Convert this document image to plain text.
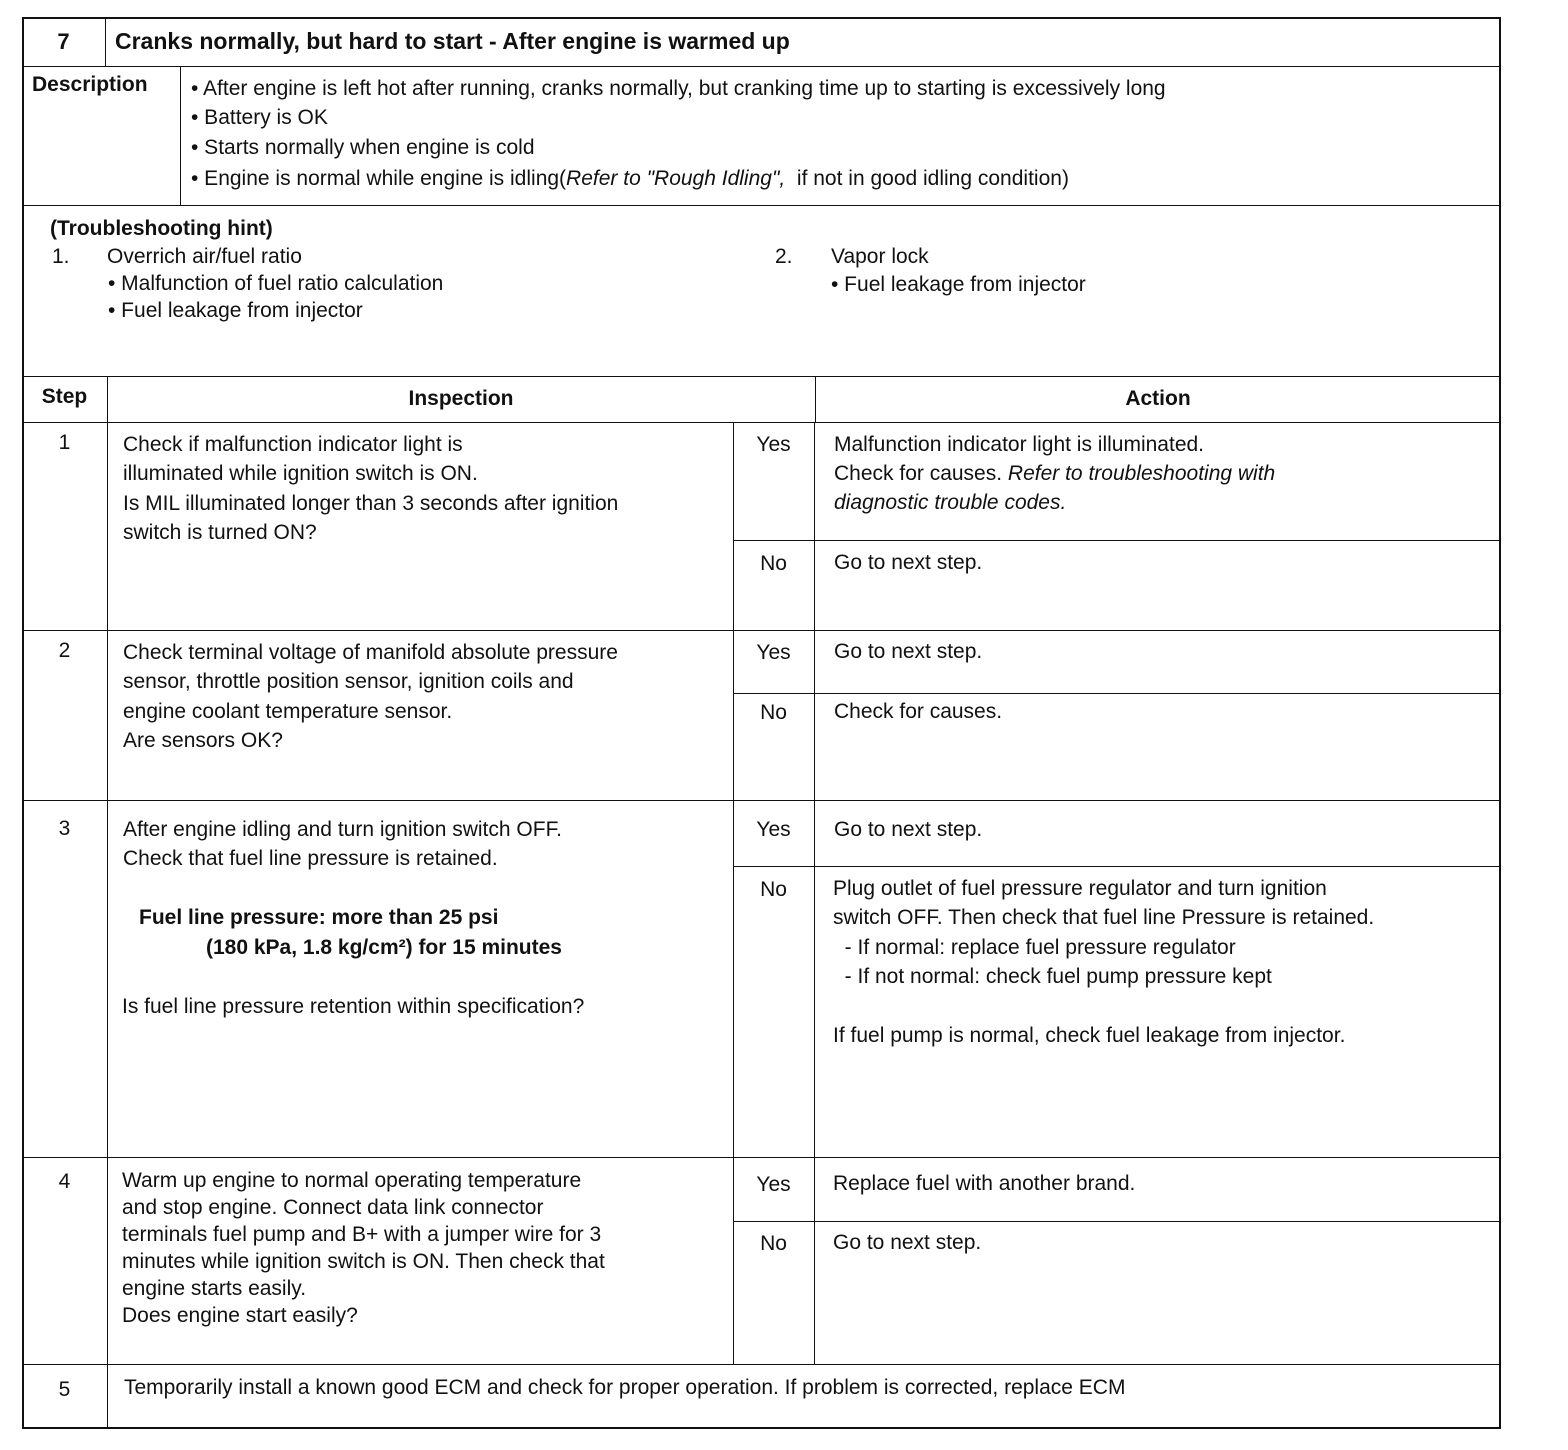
7	Cranks normally, but hard to start - After engine is warmed up
Description • After engine is left hot after running, cranks normally, but cranking time up to starting is excessively long
• Battery is OK
• Starts normally when engine is cold
• Engine is normal while engine is idling(Refer to "Rough Idling",  if not in good idling condition)
(Troubleshooting hint)
1. Overrich air/fuel ratio
• Malfunction of fuel ratio calculation
• Fuel leakage from injector
2. Vapor lock
• Fuel leakage from injector
Step	Inspection	Action
1	Check if malfunction indicator light is
illuminated while ignition switch is ON.
Is MIL illuminated longer than 3 seconds after ignition
switch is turned ON?
Yes	Malfunction indicator light is illuminated.
Check for causes. Refer to troubleshooting with
diagnostic trouble codes.
No	Go to next step.
2	Check terminal voltage of manifold absolute pressure
sensor, throttle position sensor, ignition coils and
engine coolant temperature sensor.
Are sensors OK?
Yes	Go to next step.
No	Check for causes.
3	After engine idling and turn ignition switch OFF.
Check that fuel line pressure is retained.
Fuel line pressure: more than 25 psi
(180 kPa, 1.8 kg/cm²) for 15 minutes
Is fuel line pressure retention within specification?
Yes	Go to next step.
No	Plug outlet of fuel pressure regulator and turn ignition
switch OFF. Then check that fuel line Pressure is retained.
- If normal: replace fuel pressure regulator
- If not normal: check fuel pump pressure kept
If fuel pump is normal, check fuel leakage from injector.
4	Warm up engine to normal operating temperature
and stop engine. Connect data link connector
terminals fuel pump and B+ with a jumper wire for 3
minutes while ignition switch is ON. Then check that
engine starts easily.
Does engine start easily?
Yes	Replace fuel with another brand.
No	Go to next step.
5	Temporarily install a known good ECM and check for proper operation. If problem is corrected, replace ECM
